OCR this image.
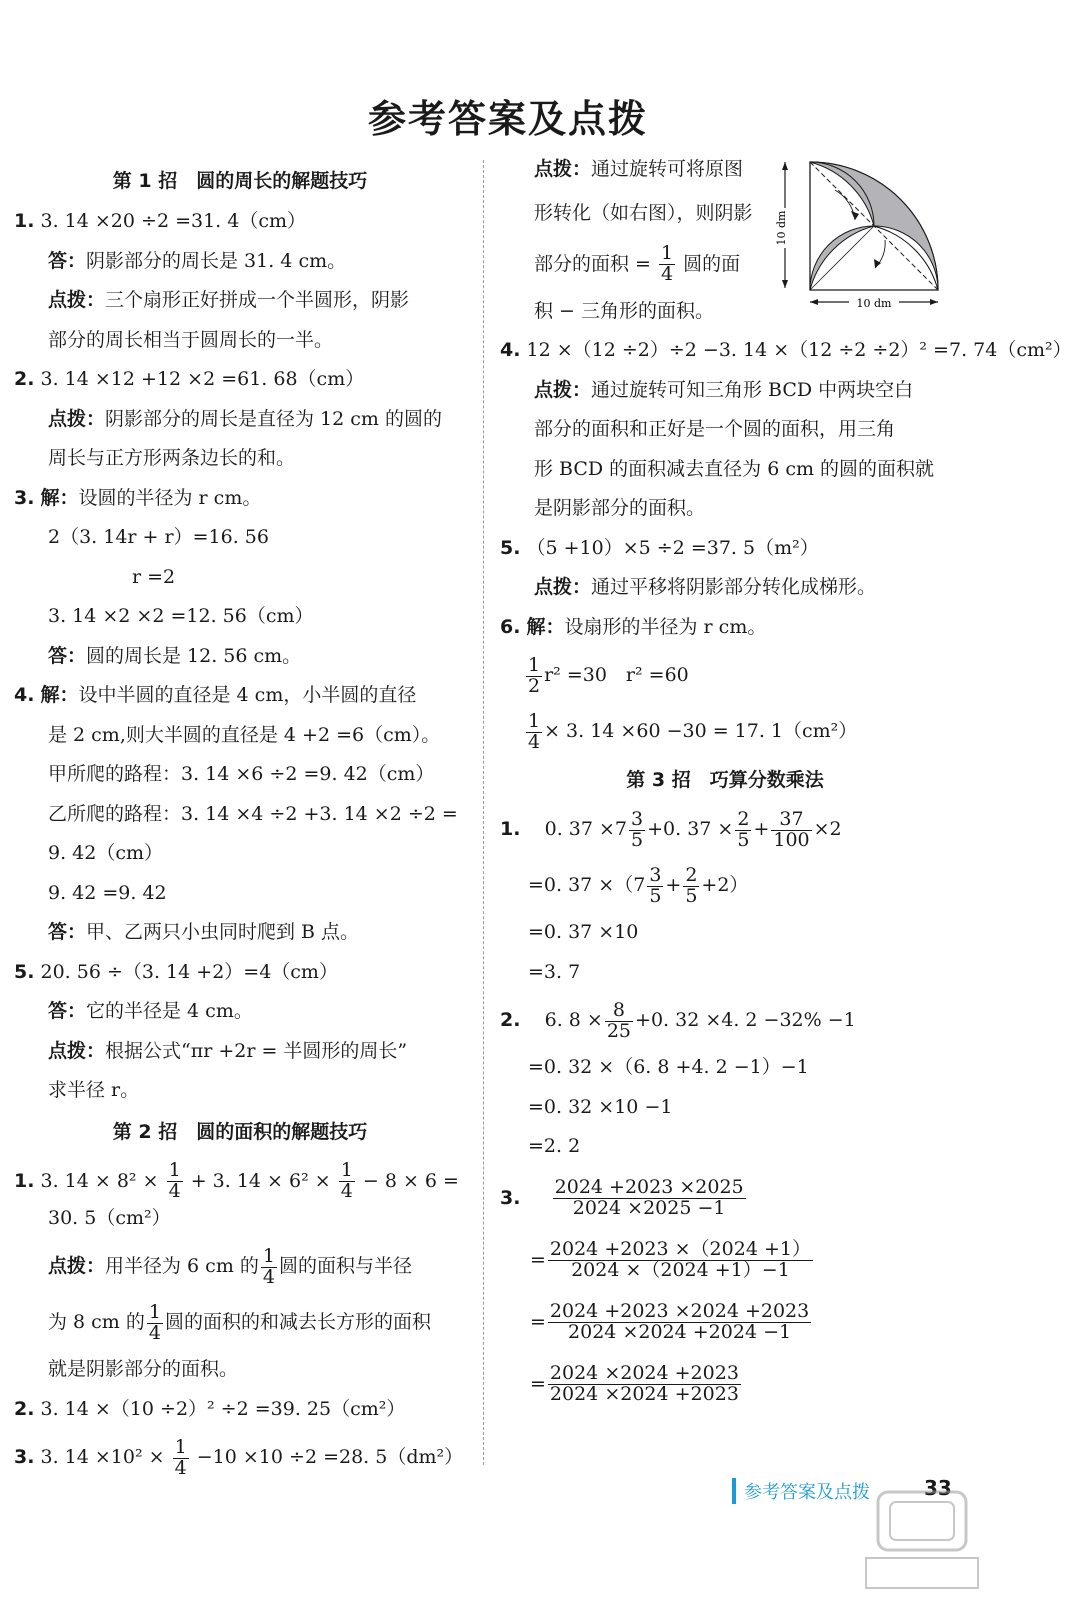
参考答案及点拨
第 1 招　圆的周长的解题技巧
1. 3. 14 ×20 ÷2 =31. 4（cm）
答：阴影部分的周长是 31. 4 cm。
点拨：三个扇形正好拼成一个半圆形，阴影
部分的周长相当于圆周长的一半。
2. 3. 14 ×12 +12 ×2 =61. 68（cm）
点拨：阴影部分的周长是直径为 12 cm 的圆的
周长与正方形两条边长的和。
3. 解：设圆的半径为 r cm。
2（3. 14r + r）=16. 56
r =2
3. 14 ×2 ×2 =12. 56（cm）
答：圆的周长是 12. 56 cm。
4. 解：设中半圆的直径是 4 cm，小半圆的直径
是 2 cm,则大半圆的直径是 4 +2 =6（cm）。
甲所爬的路程：3. 14 ×6 ÷2 =9. 42（cm）
乙所爬的路程：3. 14 ×4 ÷2 +3. 14 ×2 ÷2 =
9. 42（cm）
9. 42 =9. 42
答：甲、乙两只小虫同时爬到 B 点。
5. 20. 56 ÷（3. 14 +2）=4（cm）
答：它的半径是 4 cm。
点拨：根据公式“πr +2r = 半圆形的周长”
求半径 r。
第 2 招　圆的面积的解题技巧
1. 3. $14 \times 8^2 \times \frac{1}{4} + 3$. $14 \times 6^2 \times \frac{1}{4} - 8 \times 6$ =
30. 5（cm²）
点拨：用半径为 6 cm 的 $\frac{1}{4}$ 圆的面积与半径
为 8 cm 的 $\frac{1}{4}$ 圆的面积的和减去长方形的面积
就是阴影部分的面积。
2. 3. 14 ×（10 ÷2）² ÷2 =39. 25（cm²）
3. 3. $14 \times 10^2 \times \frac{1}{4} -10 \times 10 \div 2 =28$. 5（dm²）
点拨：通过旋转可将原图
形转化（如右图），则阴影
部分的面积 = $\frac{1}{4}$ 圆的面
积 − 三角形的面积。
4. 12 ×（12 ÷2）÷2 −3. 14 ×（12 ÷2 ÷2）² =7. 74（cm²）
点拨：通过旋转可知三角形 BCD 中两块空白
部分的面积和正好是一个圆的面积，用三角
形 BCD 的面积减去直径为 6 cm 的圆的面积就
是阴影部分的面积。
5. （5 +10）×5 ÷2 =37. 5（m²）
点拨：通过平移将阴影部分转化成梯形。
6. 解：设扇形的半径为 r cm。
$\frac{1}{2} r^2 =30$　r² =60
$\frac{1}{4} \times 3$. 14 ×60 −30 = 17. 1（cm²）
第 3 招　巧算分数乘法
1. 0. $37 \times 7 \frac{3}{5} +0$. $37 \times \frac{2}{5} + \frac{37}{100} \times 2$
=0. $37 \times(7 \frac{3}{5} + \frac{2}{5} +2)$
=0. 37 ×10
=3. 7
2. 6. $8 \times \frac{8}{25} +0$. 32 ×4. 2 −32% −1
=0. 32 ×（6. 8 +4. 2 −1）−1
=0. 32 ×10 −1
=2. 2
3. $\frac{2024 +2023 \times 2025}{2024 \times 2025 -1}$
= $\frac{2024 +2023 \times(2024 +1)}{2024 \times(2024 +1)-1}$
= $\frac{2024 +2023 \times 2024 +2023}{2024 \times 2024 +2024 -1}$
= $\frac{2024 \times 2024 +2023}{2024 \times 2024 +2023}$
10 dm
10 dm
参考答案及点拨	33
